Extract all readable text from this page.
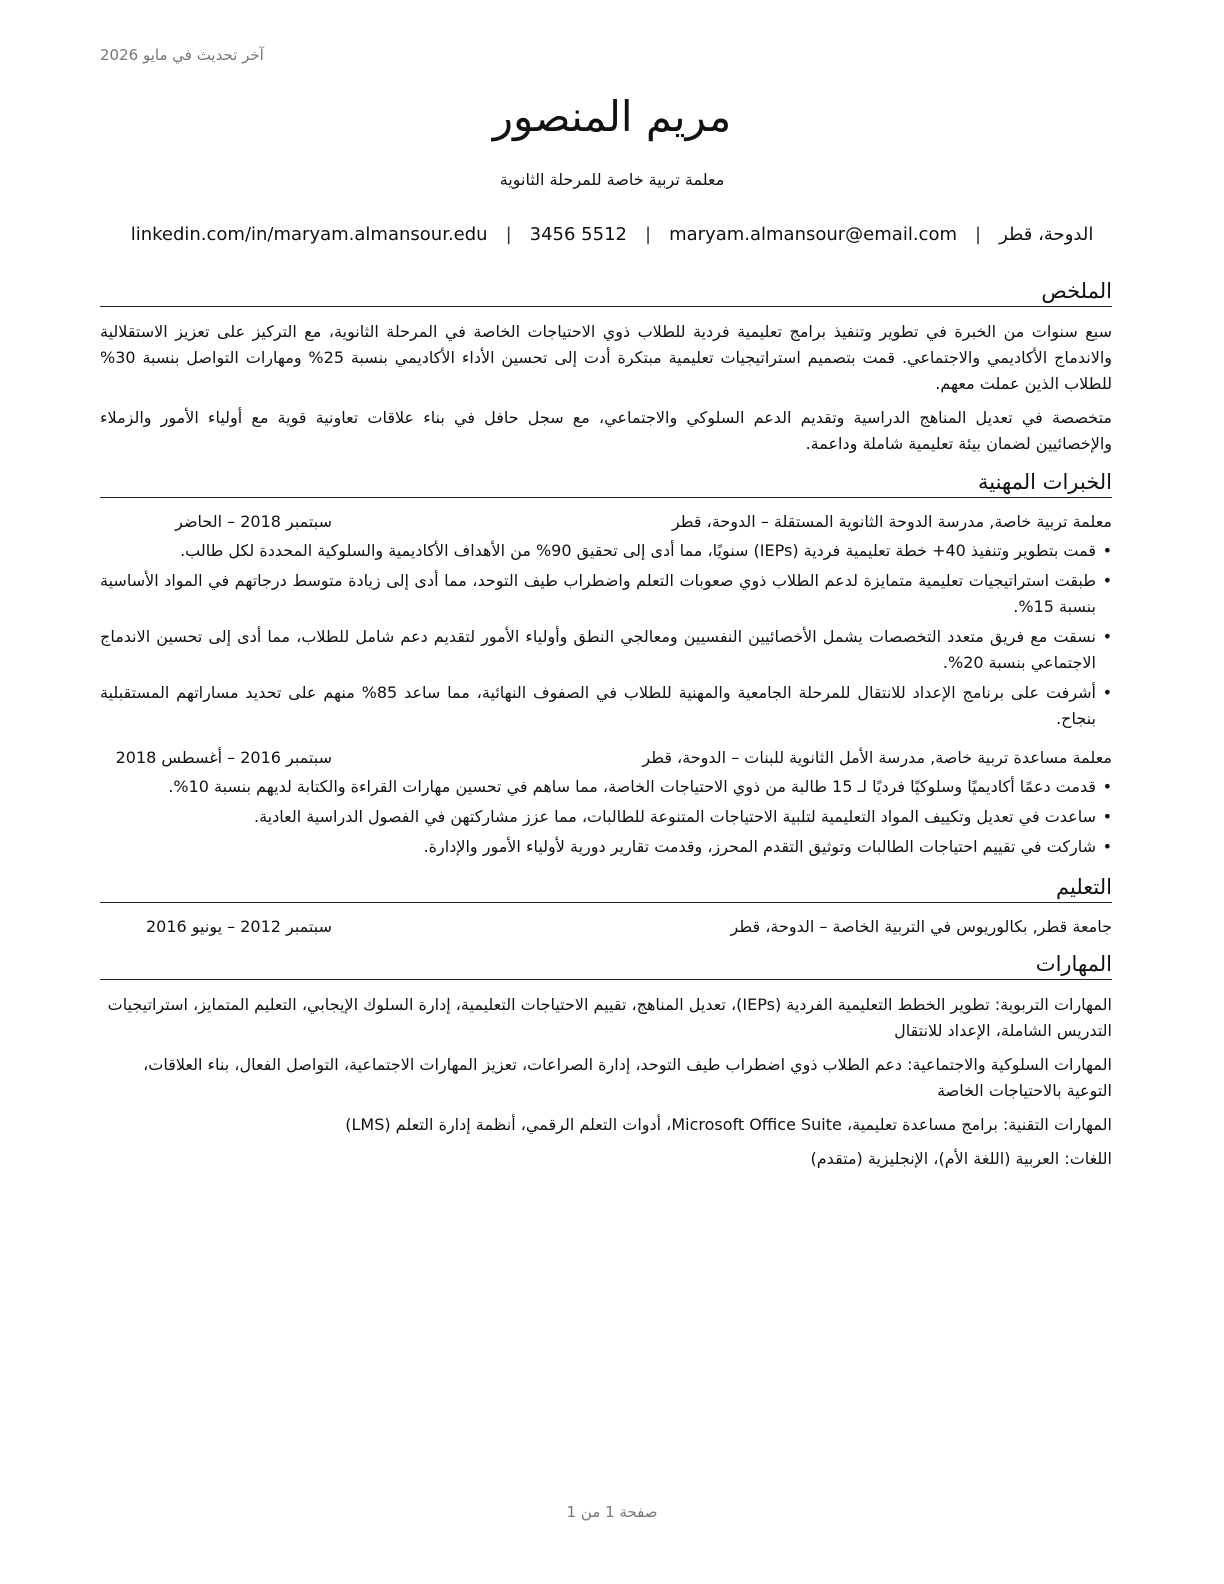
آخر تحديث في مايو 2026
مريم المنصور
معلمة تربية خاصة للمرحلة الثانوية
الدوحة، قطر
|
maryam.almansour@email.com
|
3456 5512
|
linkedin.com/in/maryam.almansour.edu
الملخص

سبع سنوات من الخبرة في تطوير وتنفيذ برامج تعليمية فردية للطلاب ذوي الاحتياجات الخاصة في المرحلة الثانوية، مع التركيز على تعزيز الاستقلالية والاندماج الأكاديمي والاجتماعي. قمت بتصميم استراتيجيات تعليمية مبتكرة أدت إلى تحسين الأداء الأكاديمي بنسبة 25% ومهارات التواصل بنسبة 30% للطلاب الذين عملت معهم.

متخصصة في تعديل المناهج الدراسية وتقديم الدعم السلوكي والاجتماعي، مع سجل حافل في بناء علاقات تعاونية قوية مع أولياء الأمور والزملاء والإخصائيين لضمان بيئة تعليمية شاملة وداعمة.

الخبرات المهنية
معلمة تربية خاصة, مدرسة الدوحة الثانوية المستقلة – الدوحة، قطر
سبتمبر 2018 – الحاضر
•
قمت بتطوير وتنفيذ 40+ خطة تعليمية فردية (IEPs) سنويًا، مما أدى إلى تحقيق 90% من الأهداف الأكاديمية والسلوكية المحددة لكل طالب.
•
طبقت استراتيجيات تعليمية متمايزة لدعم الطلاب ذوي صعوبات التعلم واضطراب طيف التوحد، مما أدى إلى زيادة متوسط درجاتهم في المواد الأساسية بنسبة 15%.
•
نسقت مع فريق متعدد التخصصات يشمل الأخصائيين النفسيين ومعالجي النطق وأولياء الأمور لتقديم دعم شامل للطلاب، مما أدى إلى تحسين الاندماج الاجتماعي بنسبة 20%.
•
أشرفت على برنامج الإعداد للانتقال للمرحلة الجامعية والمهنية للطلاب في الصفوف النهائية، مما ساعد 85% منهم على تحديد مساراتهم المستقبلية بنجاح.
معلمة مساعدة تربية خاصة, مدرسة الأمل الثانوية للبنات – الدوحة، قطر
سبتمبر 2016 – أغسطس 2018
•
قدمت دعمًا أكاديميًا وسلوكيًا فرديًا لـ 15 طالبة من ذوي الاحتياجات الخاصة، مما ساهم في تحسين مهارات القراءة والكتابة لديهم بنسبة 10%.
•
ساعدت في تعديل وتكييف المواد التعليمية لتلبية الاحتياجات المتنوعة للطالبات، مما عزز مشاركتهن في الفصول الدراسية العادية.
•
شاركت في تقييم احتياجات الطالبات وتوثيق التقدم المحرز، وقدمت تقارير دورية لأولياء الأمور والإدارة.
التعليم
جامعة قطر, بكالوريوس في التربية الخاصة – الدوحة، قطر
سبتمبر 2012 – يونيو 2016
المهارات

المهارات التربوية: تطوير الخطط التعليمية الفردية (IEPs)، تعديل المناهج، تقييم الاحتياجات التعليمية، إدارة السلوك الإيجابي، التعليم المتمايز، استراتيجيات التدريس الشاملة، الإعداد للانتقال

المهارات السلوكية والاجتماعية: دعم الطلاب ذوي اضطراب طيف التوحد، إدارة الصراعات، تعزيز المهارات الاجتماعية، التواصل الفعال، بناء العلاقات، التوعية بالاحتياجات الخاصة

المهارات التقنية: برامج مساعدة تعليمية، Microsoft Office Suite، أدوات التعلم الرقمي، أنظمة إدارة التعلم (LMS)

اللغات: العربية (اللغة الأم)، الإنجليزية (متقدم)

صفحة 1 من 1
